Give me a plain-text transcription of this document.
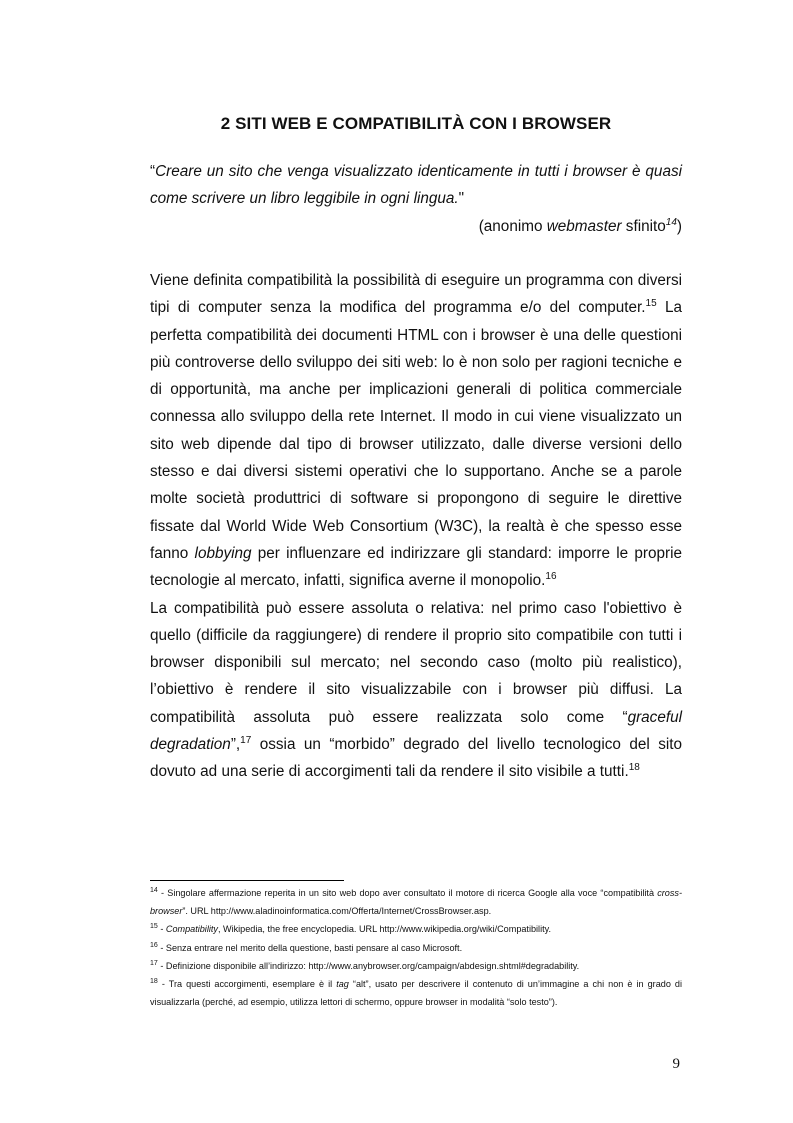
2 SITI WEB E COMPATIBILITÀ CON I BROWSER

“Creare un sito che venga visualizzato identicamente in tutti i browser è quasi come scrivere un libro leggibile in ogni lingua."

(anonimo webmaster sfinito$^{14}$)

Viene definita compatibilità la possibilità di eseguire un programma con diversi tipi di computer senza la modifica del programma e/o del computer.$^{15}$ La perfetta compatibilità dei documenti HTML con i browser è una delle questioni più controverse dello sviluppo dei siti web: lo è non solo per ragioni tecniche e di opportunità, ma anche per implicazioni generali di politica commerciale connessa allo sviluppo della rete Internet. Il modo in cui viene visualizzato un sito web dipende dal tipo di browser utilizzato, dalle diverse versioni dello stesso e dai diversi sistemi operativi che lo supportano. Anche se a parole molte società produttrici di software si propongono di seguire le direttive fissate dal World Wide Web Consortium (W3C), la realtà è che spesso esse fanno lobbying per influenzare ed indirizzare gli standard: imporre le proprie tecnologie al mercato, infatti, significa averne il monopolio.$^{16}$

La compatibilità può essere assoluta o relativa: nel primo caso l'obiettivo è quello (difficile da raggiungere) di rendere il proprio sito compatibile con tutti i browser disponibili sul mercato; nel secondo caso (molto più realistico), l’obiettivo è rendere il sito visualizzabile con i browser più diffusi. La compatibilità assoluta può essere realizzata solo come “graceful degradation”,$^{17}$ ossia un “morbido” degrado del livello tecnologico del sito dovuto ad una serie di accorgimenti tali da rendere il sito visibile a tutti.$^{18}$

$^{14}$ - Singolare affermazione reperita in un sito web dopo aver consultato il motore di ricerca Google alla voce “compatibilità cross-browser”. URL http://www.aladinoinformatica.com/Offerta/Internet/CrossBrowser.asp.

$^{15}$ - Compatibility, Wikipedia, the free encyclopedia. URL http://www.wikipedia.org/wiki/Compatibility.

$^{16}$ - Senza entrare nel merito della questione, basti pensare al caso Microsoft.

$^{17}$ - Definizione disponibile all’indirizzo: http://www.anybrowser.org/campaign/abdesign.shtml#degradability.

$^{18}$ - Tra questi accorgimenti, esemplare è il tag “alt”, usato per descrivere il contenuto di un’immagine a chi non è in grado di visualizzarla (perché, ad esempio, utilizza lettori di schermo, oppure browser in modalità “solo testo”).

9
